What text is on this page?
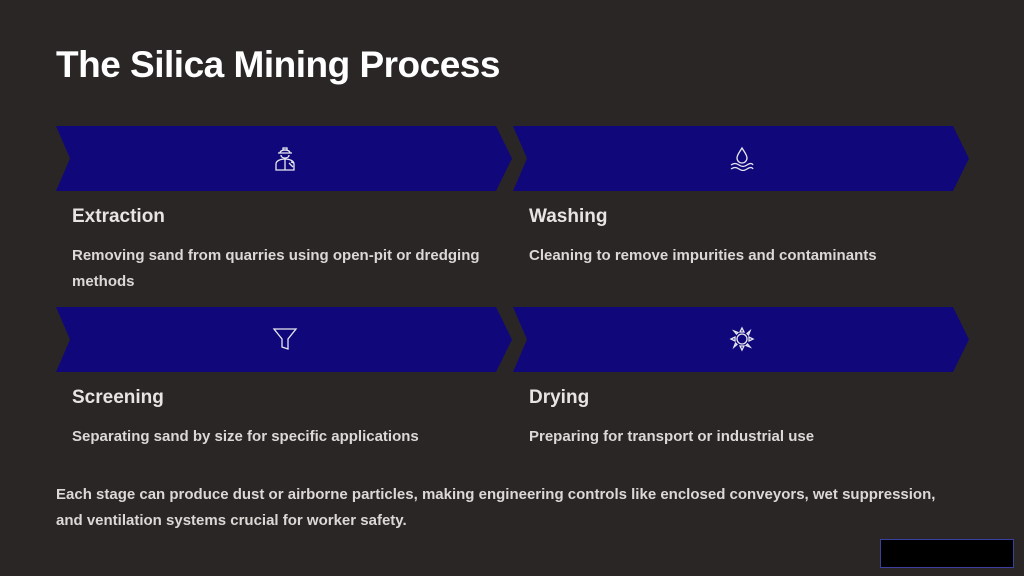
The Silica Mining Process
Extraction
Removing sand from quarries using open-pit or dredging methods
Washing
Cleaning to remove impurities and contaminants
Screening
Separating sand by size for specific applications
Drying
Preparing for transport or industrial use
Each stage can produce dust or airborne particles, making engineering controls like enclosed conveyors, wet suppression, and ventilation systems crucial for worker safety.
